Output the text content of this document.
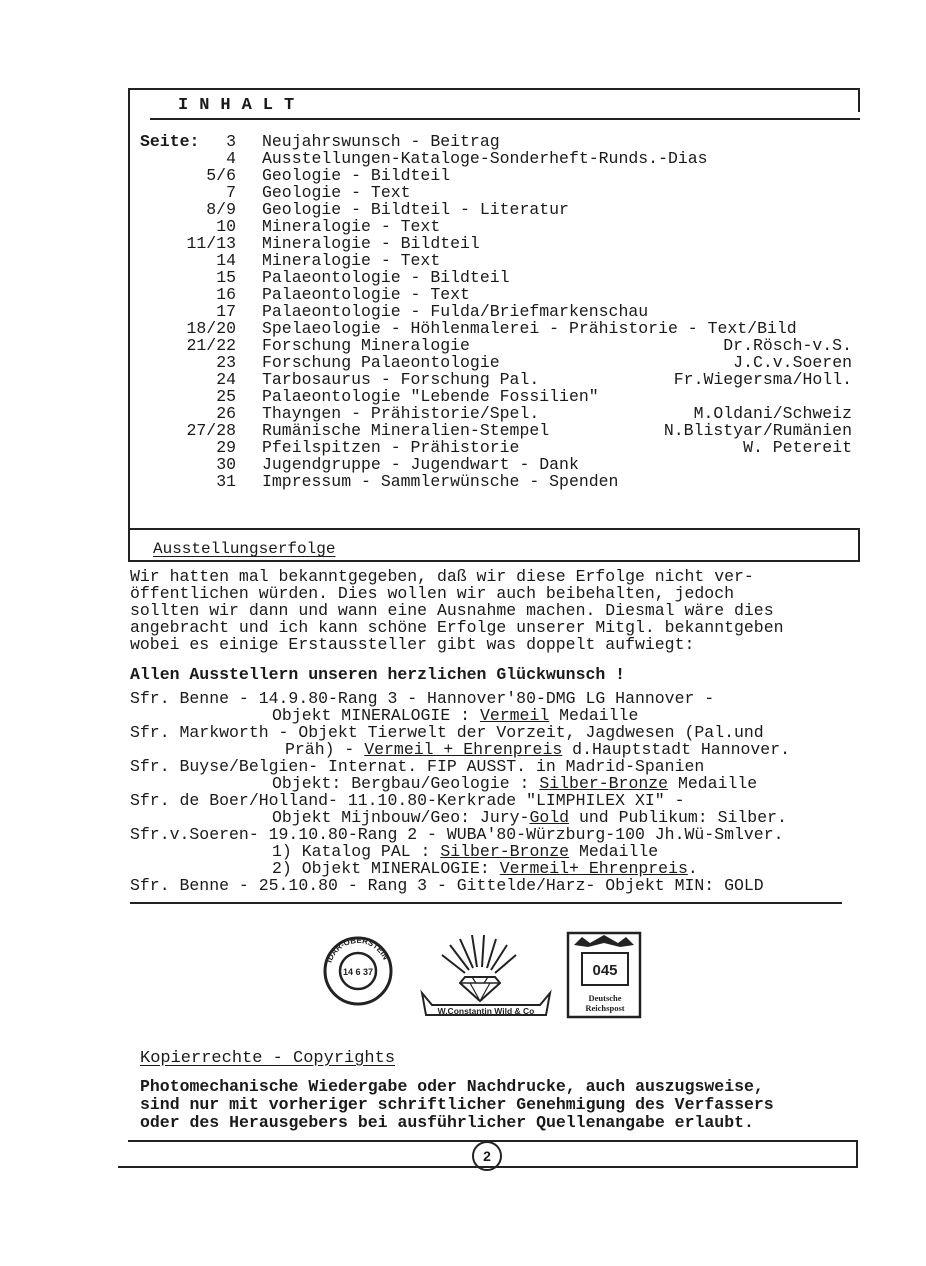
INHALT
Seite: 3 Neujahrswunsch - Beitrag
4 Ausstellungen-Kataloge-Sonderheft-Runds.-Dias
5/6 Geologie - Bildteil
7 Geologie - Text
8/9 Geologie - Bildteil - Literatur
10 Mineralogie - Text
11/13 Mineralogie - Bildteil
14 Mineralogie - Text
15 Palaeontologie - Bildteil
16 Palaeontologie - Text
17 Palaeontologie - Fulda/Briefmarkenschau
18/20 Spelaeologie - Höhlenmalerei - Prähistorie - Text/Bild
21/22 Forschung Mineralogie	Dr.Rösch-v.S.
23 Forschung Palaeontologie	J.C.v.Soeren
24 Tarbosaurus - Forschung Pal.	Fr.Wiegersma/Holl.
25 Palaeontologie "Lebende Fossilien"
26 Thayngen - Prähistorie/Spel.	M.Oldani/Schweiz
27/28 Rumänische Mineralien-Stempel	N.Blistyar/Rumänien
29 Pfeilspitzen - Prähistorie	W. Petereit
30 Jugendgruppe - Jugendwart - Dank
31 Impressum - Sammlerwünsche - Spenden
Ausstellungserfolge
Wir hatten mal bekanntgegeben, daß wir diese Erfolge nicht ver-
öffentlichen würden. Dies wollen wir auch beibehalten, jedoch
sollten wir dann und wann eine Ausnahme machen. Diesmal wäre dies
angebracht und ich kann schöne Erfolge unserer Mitgl. bekanntgeben
wobei es einige Erstaussteller gibt was doppelt aufwiegt:
Allen Ausstellern unseren herzlichen Glückwunsch !
Sfr. Benne - 14.9.80-Rang 3 - Hannover'80-DMG LG Hannover -
Objekt MINERALOGIE : Vermeil Medaille
Sfr. Markworth - Objekt Tierwelt der Vorzeit, Jagdwesen (Pal.und
Präh) - Vermeil + Ehrenpreis d.Hauptstadt Hannover.
Sfr. Buyse/Belgien- Internat. FIP AUSST. in Madrid-Spanien
Objekt: Bergbau/Geologie : Silber-Bronze Medaille
Sfr. de Boer/Holland- 11.10.80-Kerkrade "LIMPHILEX XI" -
Objekt Mijnbouw/Geo: Jury-Gold und Publikum: Silber.
Sfr.v.Soeren- 19.10.80-Rang 2 - WUBA'80-Würzburg-100 Jh.Wü-Smlver.
1) Katalog PAL : Silber-Bronze Medaille
2) Objekt MINERALOGIE: Vermeil+ Ehrenpreis.
Sfr. Benne - 25.10.80 - Rang 3 - Gittelde/Harz- Objekt MIN: GOLD
IDAR-OBERSTEIN
14 6 37
W.Constantin Wild & Co
045
Deutsche
Reichspost
Kopierrechte - Copyrights
Photomechanische Wiedergabe oder Nachdrucke, auch auszugsweise,
sind nur mit vorheriger schriftlicher Genehmigung des Verfassers
oder des Herausgebers bei ausführlicher Quellenangabe erlaubt.
2
